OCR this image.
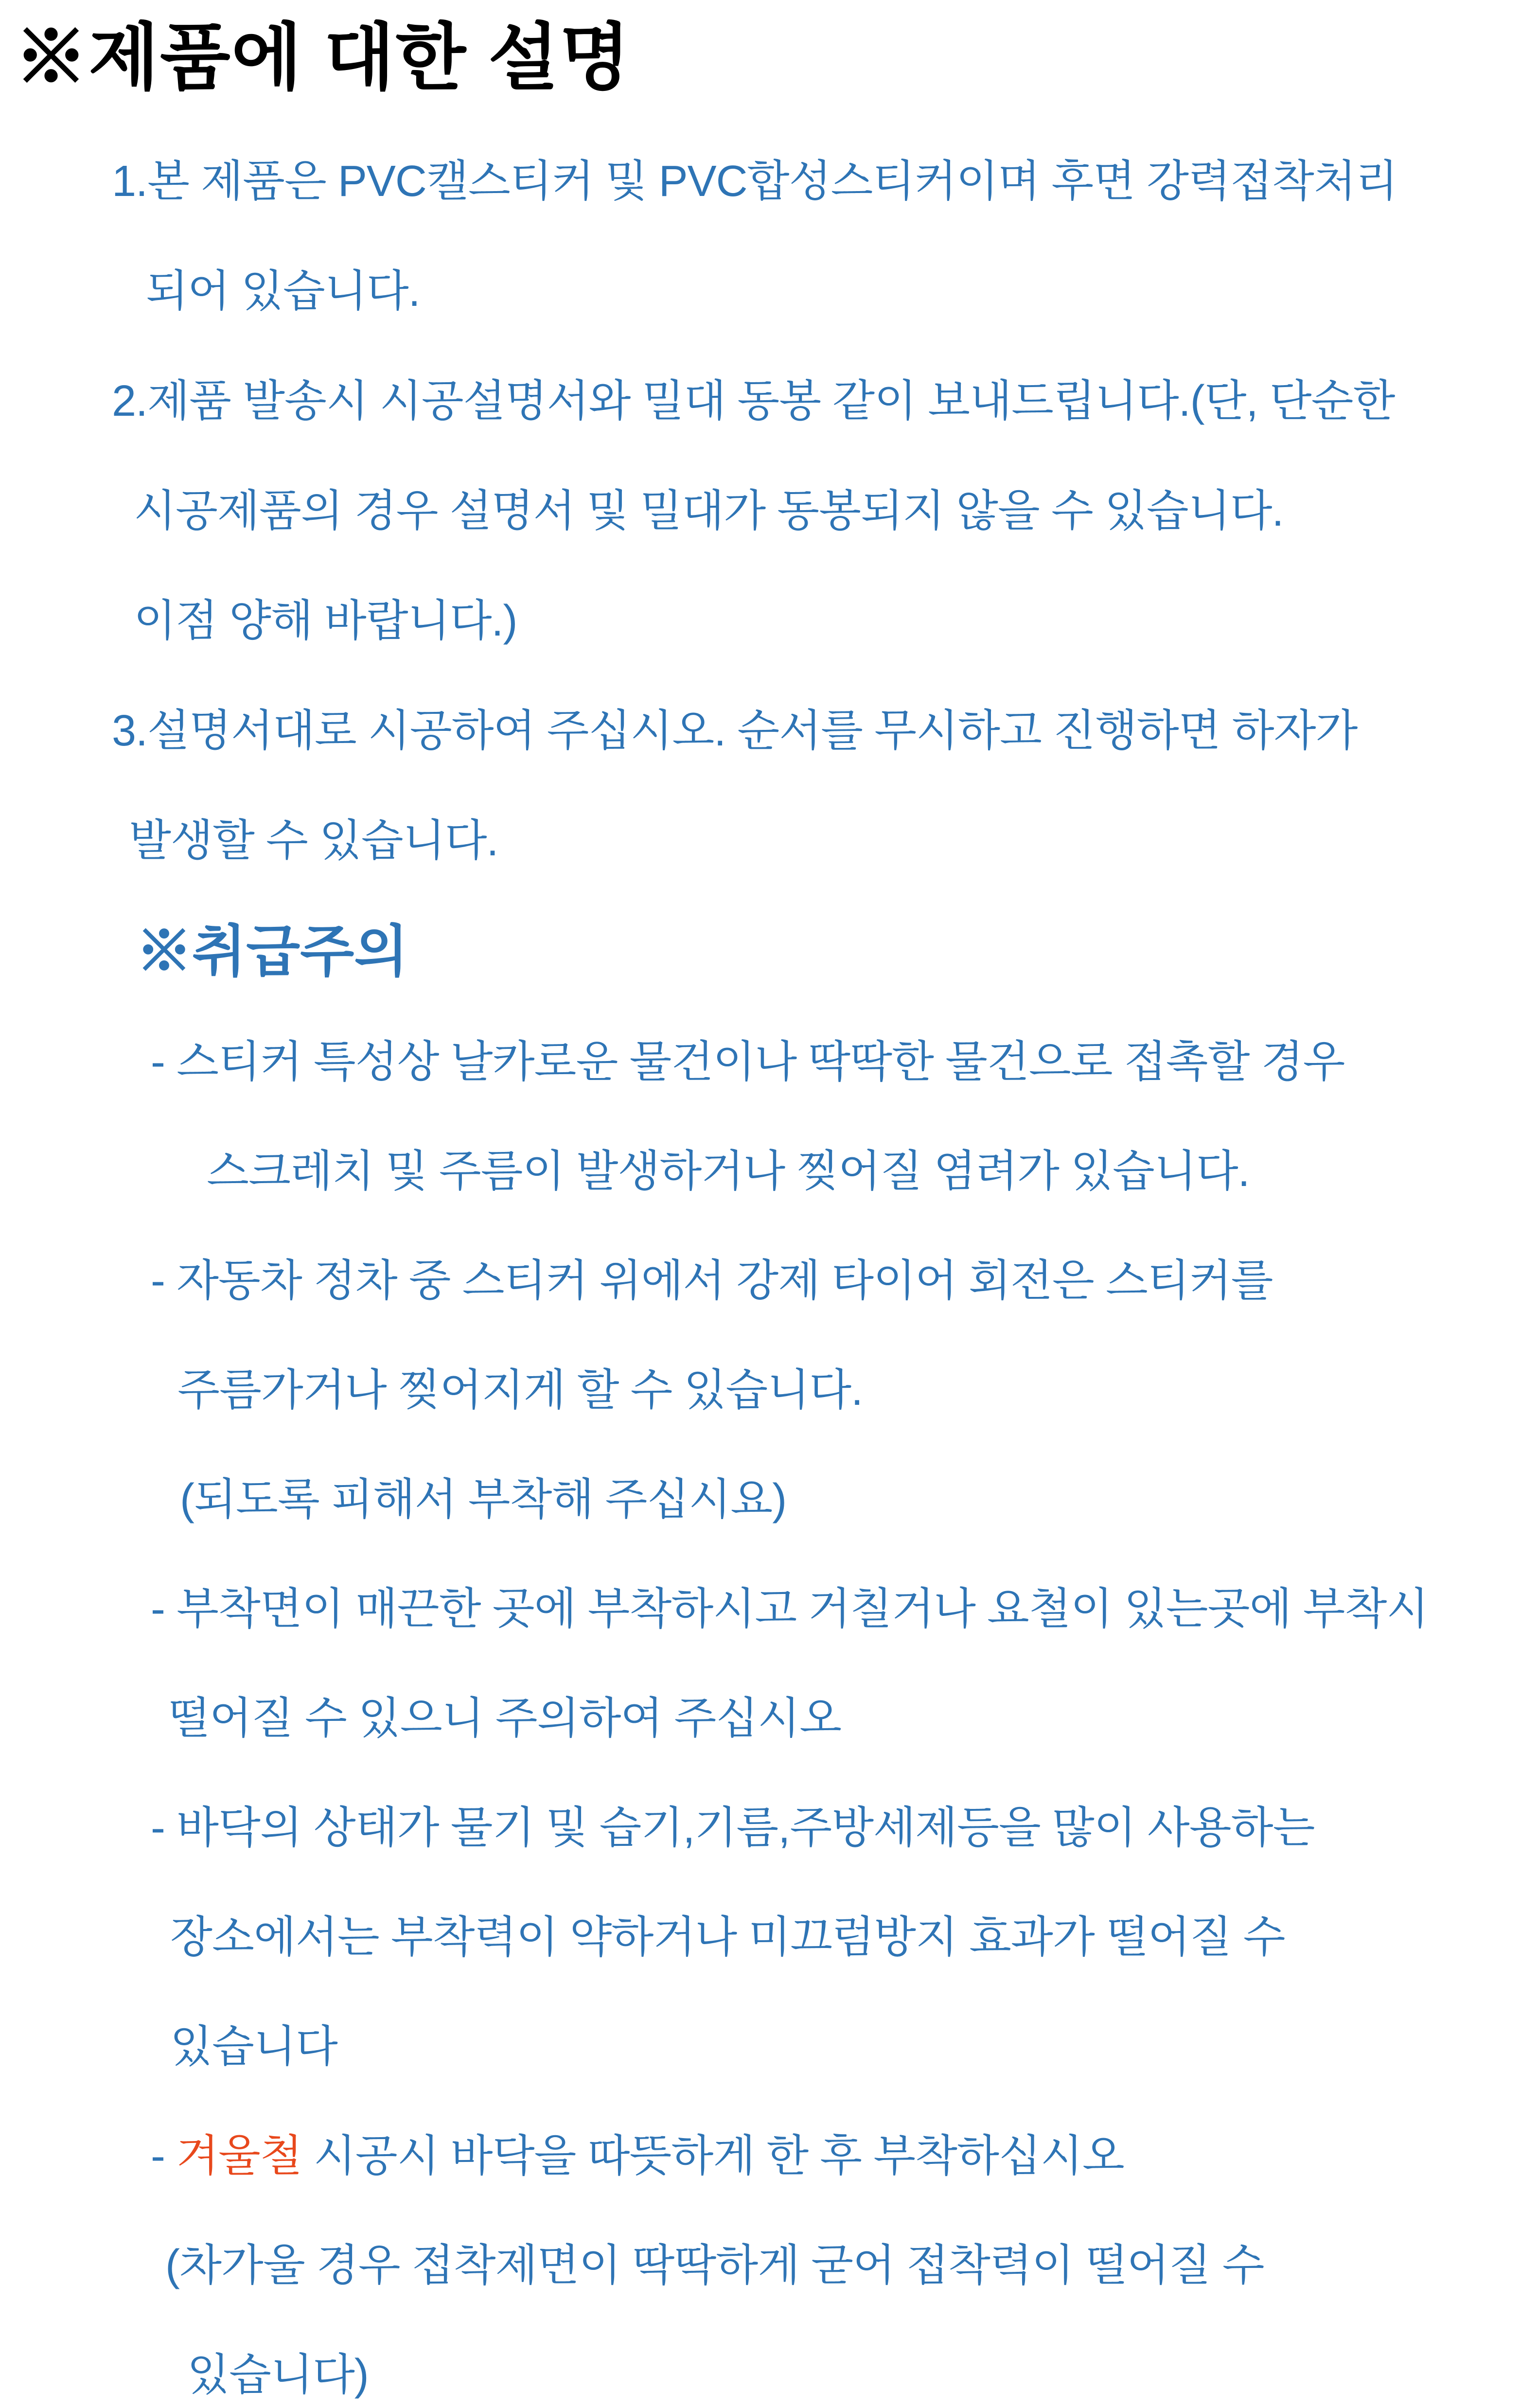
※제품에 대한 설명

1.본 제품은 PVC캘스티커 및 PVC합성스티커이며 후면 강력접착처리

되어 있습니다.

2.제품 발송시 시공설명서와 밀대 동봉 같이 보내드립니다.(단, 단순한

시공제품의 경우 설명서 및 밀대가 동봉되지 않을 수 있습니다.

이점 양해 바랍니다.)

3.설명서대로 시공하여 주십시오. 순서를 무시하고 진행하면 하자가

발생할 수 있습니다.

※취급주의

- 스티커 특성상 날카로운 물건이나 딱딱한 물건으로 접촉할 경우

스크레치 및 주름이 발생하거나 찢어질 염려가 있습니다.

- 자동차 정차 중 스티커 위에서 강제 타이어 회전은 스티커를

주름가거나 찢어지게 할 수 있습니다.

(되도록 피해서 부착해 주십시요)

- 부착면이 매끈한 곳에 부착하시고 거칠거나 요철이 있는곳에 부착시

떨어질 수 있으니 주의하여 주십시오

- 바닥의 상태가 물기 및 습기,기름,주방세제등을 많이 사용하는

장소에서는 부착력이 약하거나 미끄럼방지 효과가 떨어질 수

있습니다

- 겨울철 시공시 바닥을 따뜻하게 한 후 부착하십시오

(차가울 경우 접착제면이 딱딱하게 굳어 접착력이 떨어질 수

있습니다)
